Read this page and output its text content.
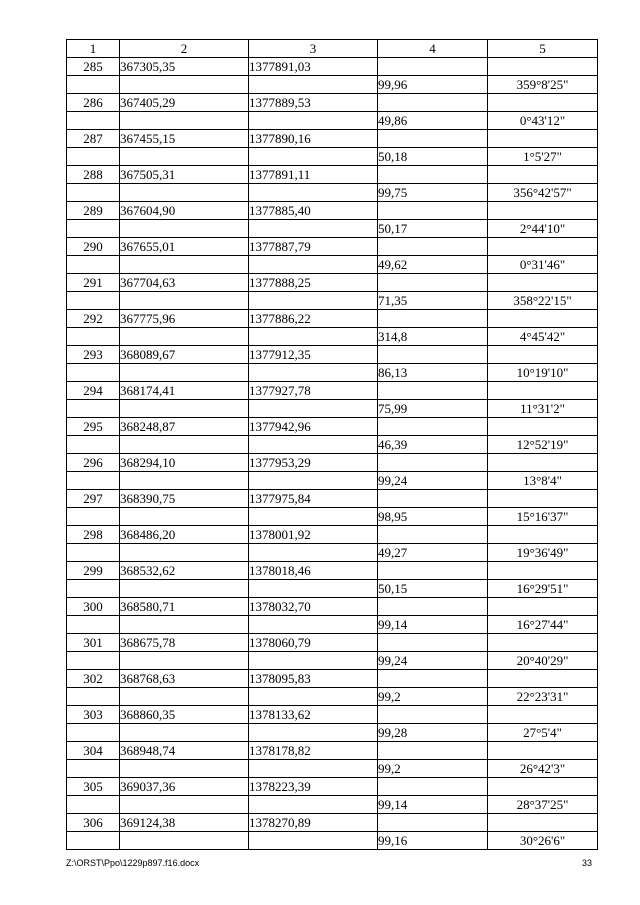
1	2	3	4	5
285	367305,35	1377891,03		
			99,96	359°8'25"
286	367405,29	1377889,53		
			49,86	0°43'12"
287	367455,15	1377890,16		
			50,18	1°5'27"
288	367505,31	1377891,11		
			99,75	356°42'57"
289	367604,90	1377885,40		
			50,17	2°44'10"
290	367655,01	1377887,79		
			49,62	0°31'46"
291	367704,63	1377888,25		
			71,35	358°22'15"
292	367775,96	1377886,22		
			314,8	4°45'42"
293	368089,67	1377912,35		
			86,13	10°19'10"
294	368174,41	1377927,78		
			75,99	11°31'2"
295	368248,87	1377942,96		
			46,39	12°52'19"
296	368294,10	1377953,29		
			99,24	13°8'4"
297	368390,75	1377975,84		
			98,95	15°16'37"
298	368486,20	1378001,92		
			49,27	19°36'49"
299	368532,62	1378018,46		
			50,15	16°29'51"
300	368580,71	1378032,70		
			99,14	16°27'44"
301	368675,78	1378060,79		
			99,24	20°40'29"
302	368768,63	1378095,83		
			99,2	22°23'31"
303	368860,35	1378133,62		
			99,28	27°5'4"
304	368948,74	1378178,82		
			99,2	26°42'3"
305	369037,36	1378223,39		
			99,14	28°37'25"
306	369124,38	1378270,89		
			99,16	30°26'6"
Z:\ORST\Ppo\1229p897.f16.docx	33
